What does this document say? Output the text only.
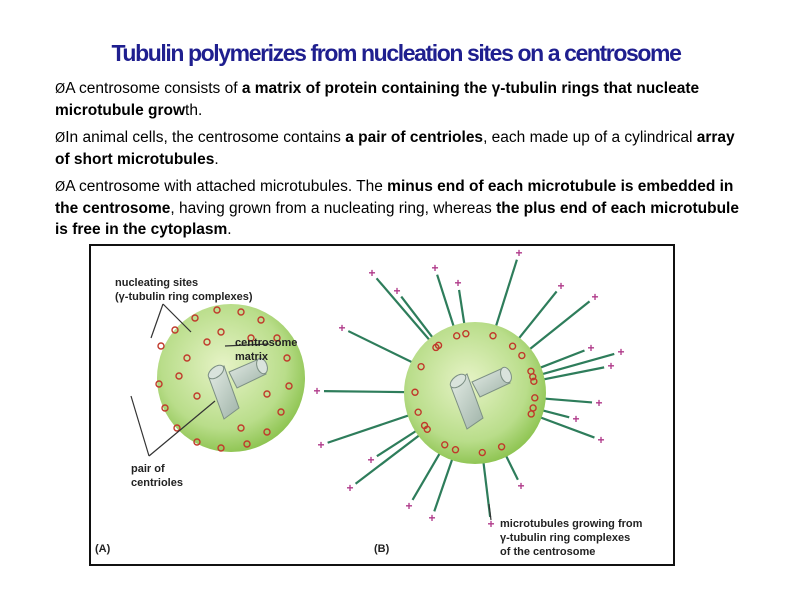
Tubulin polymerizes from nucleation sites on a centrosome
ØA centrosome consists of a matrix of protein containing the γ-tubulin rings that nucleate microtubule growth.
ØIn animal cells, the centrosome contains a pair of centrioles, each made up of a cylindrical array of short microtubules.
ØA centrosome with attached microtubules. The minus end of each microtubule is embedded in the centrosome, having grown from a nucleating ring, whereas the plus end of each microtubule is free in the cytoplasm.
nucleating sites
(γ-tubulin ring complexes)
centrosome
matrix
pair of
centrioles
(A)
+
+
+
+
+
+
+
+
+
+
+	+
+
+	+
+
+
+
+
+
+
+
microtubules growing from
γ-tubulin ring complexes
of the centrosome
(B)
